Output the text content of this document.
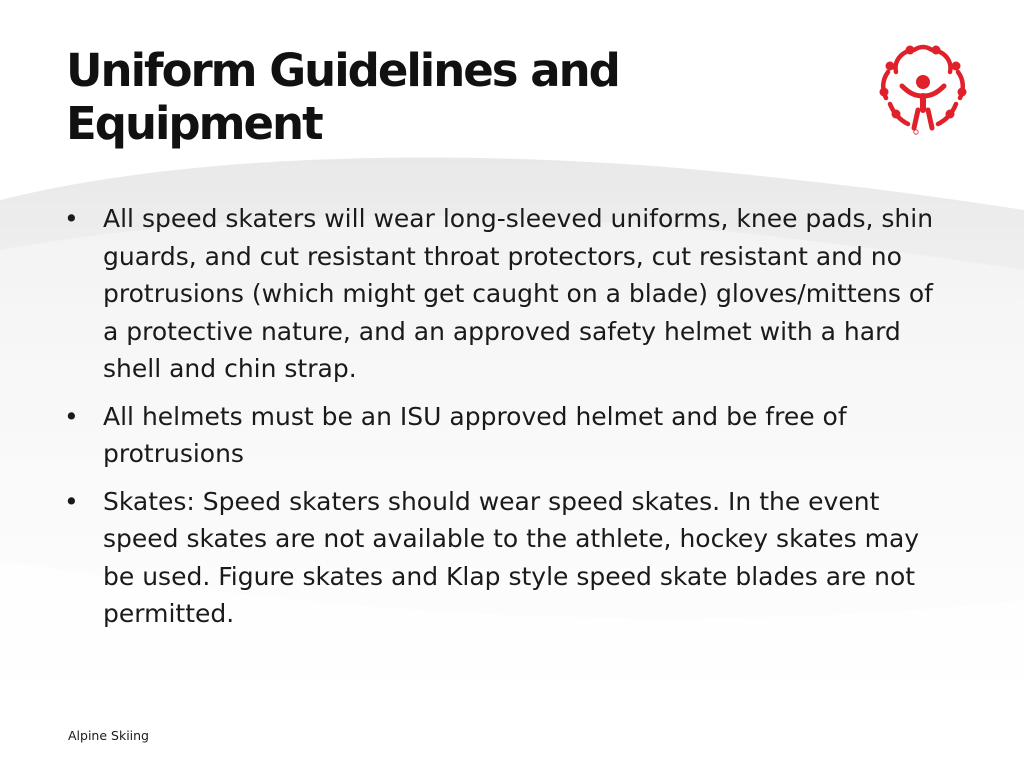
Uniform Guidelines and Equipment
• All speed skaters will wear long-sleeved uniforms, knee pads, shin guards, and cut resistant throat protectors, cut resistant and no protrusions (which might get caught on a blade) gloves/mittens of a protective nature, and an approved safety helmet with a hard shell and chin strap.
• All helmets must be an ISU approved helmet and be free of protrusions
• Skates: Speed skaters should wear speed skates. In the event speed skates are not available to the athlete, hockey skates may be used. Figure skates and Klap style speed skate blades are not permitted.
Alpine Skiing
